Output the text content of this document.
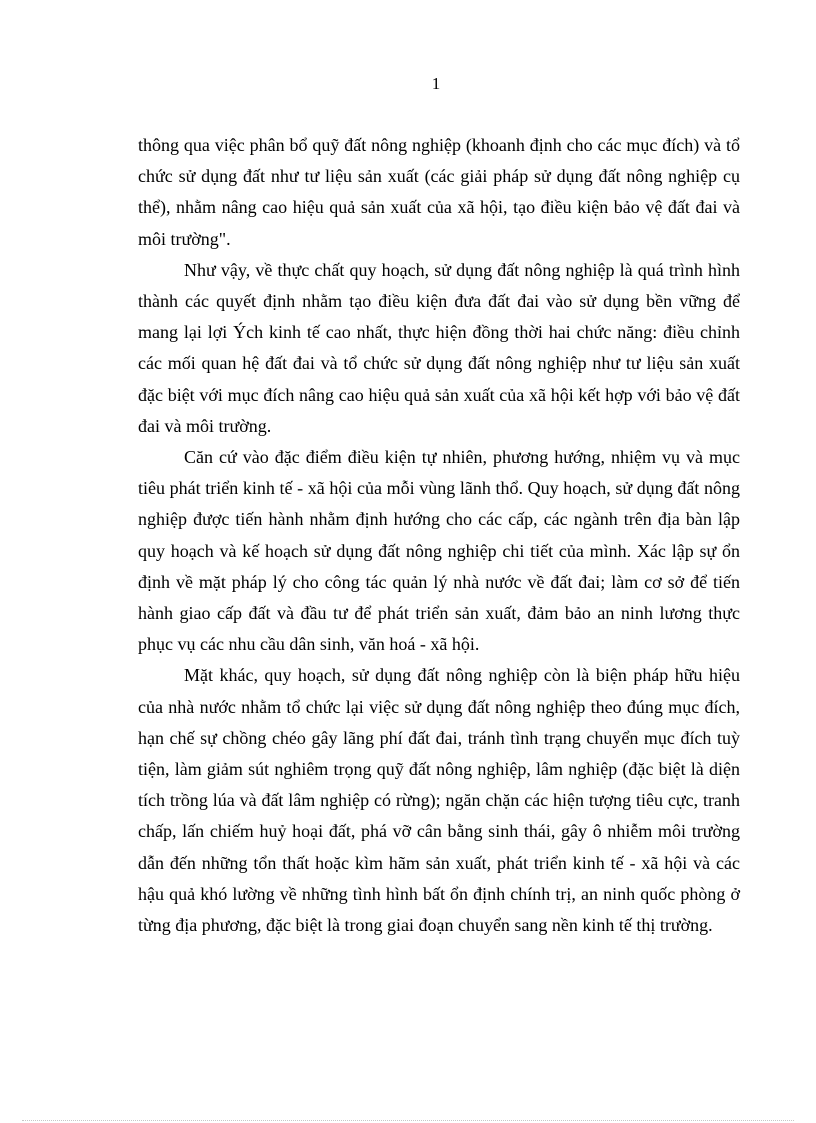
1

thông qua việc phân bổ quỹ đất nông nghiệp (khoanh định cho các mục đích) và tổ chức sử dụng đất như tư liệu sản xuất (các giải pháp sử dụng đất nông nghiệp cụ thể), nhằm nâng cao hiệu quả sản xuất của xã hội, tạo điều kiện bảo vệ đất đai và môi trường".

Như vậy, về thực chất quy hoạch, sử dụng đất nông nghiệp là quá trình hình thành các quyết định nhằm tạo điều kiện đưa đất đai vào sử dụng bền vững để mang lại lợi Ých kinh tế cao nhất, thực hiện đồng thời hai chức năng: điều chỉnh các mối quan hệ đất đai và tổ chức sử dụng đất nông nghiệp như tư liệu sản xuất đặc biệt với mục đích nâng cao hiệu quả sản xuất của xã hội kết hợp với bảo vệ đất đai và môi trường.

Căn cứ vào đặc điểm điều kiện tự nhiên, phương hướng, nhiệm vụ và mục tiêu phát triển kinh tế - xã hội của mỗi vùng lãnh thổ. Quy hoạch, sử dụng đất nông nghiệp được tiến hành nhằm định hướng cho các cấp, các ngành trên địa bàn lập quy hoạch và kế hoạch sử dụng đất nông nghiệp chi tiết của mình. Xác lập sự ổn định về mặt pháp lý cho công tác quản lý nhà nước về đất đai; làm cơ sở để tiến hành giao cấp đất và đầu tư để phát triển sản xuất, đảm bảo an ninh lương thực phục vụ các nhu cầu dân sinh, văn hoá - xã hội.

Mặt khác, quy hoạch, sử dụng đất nông nghiệp còn là biện pháp hữu hiệu của nhà nước nhằm tổ chức lại việc sử dụng đất nông nghiệp theo đúng mục đích, hạn chế sự chồng chéo gây lãng phí đất đai, tránh tình trạng chuyển mục đích tuỳ tiện, làm giảm sút nghiêm trọng quỹ đất nông nghiệp, lâm nghiệp (đặc biệt là diện tích trồng lúa và đất lâm nghiệp có rừng); ngăn chặn các hiện tượng tiêu cực, tranh chấp, lấn chiếm huỷ hoại đất, phá vỡ cân bằng sinh thái, gây ô nhiễm môi trường dẫn đến những tổn thất hoặc kìm hãm sản xuất, phát triển kinh tế - xã hội và các hậu quả khó lường về những tình hình bất ổn định chính trị, an ninh quốc phòng ở từng địa phương, đặc biệt là trong giai đoạn chuyển sang nền kinh tế thị trường.
